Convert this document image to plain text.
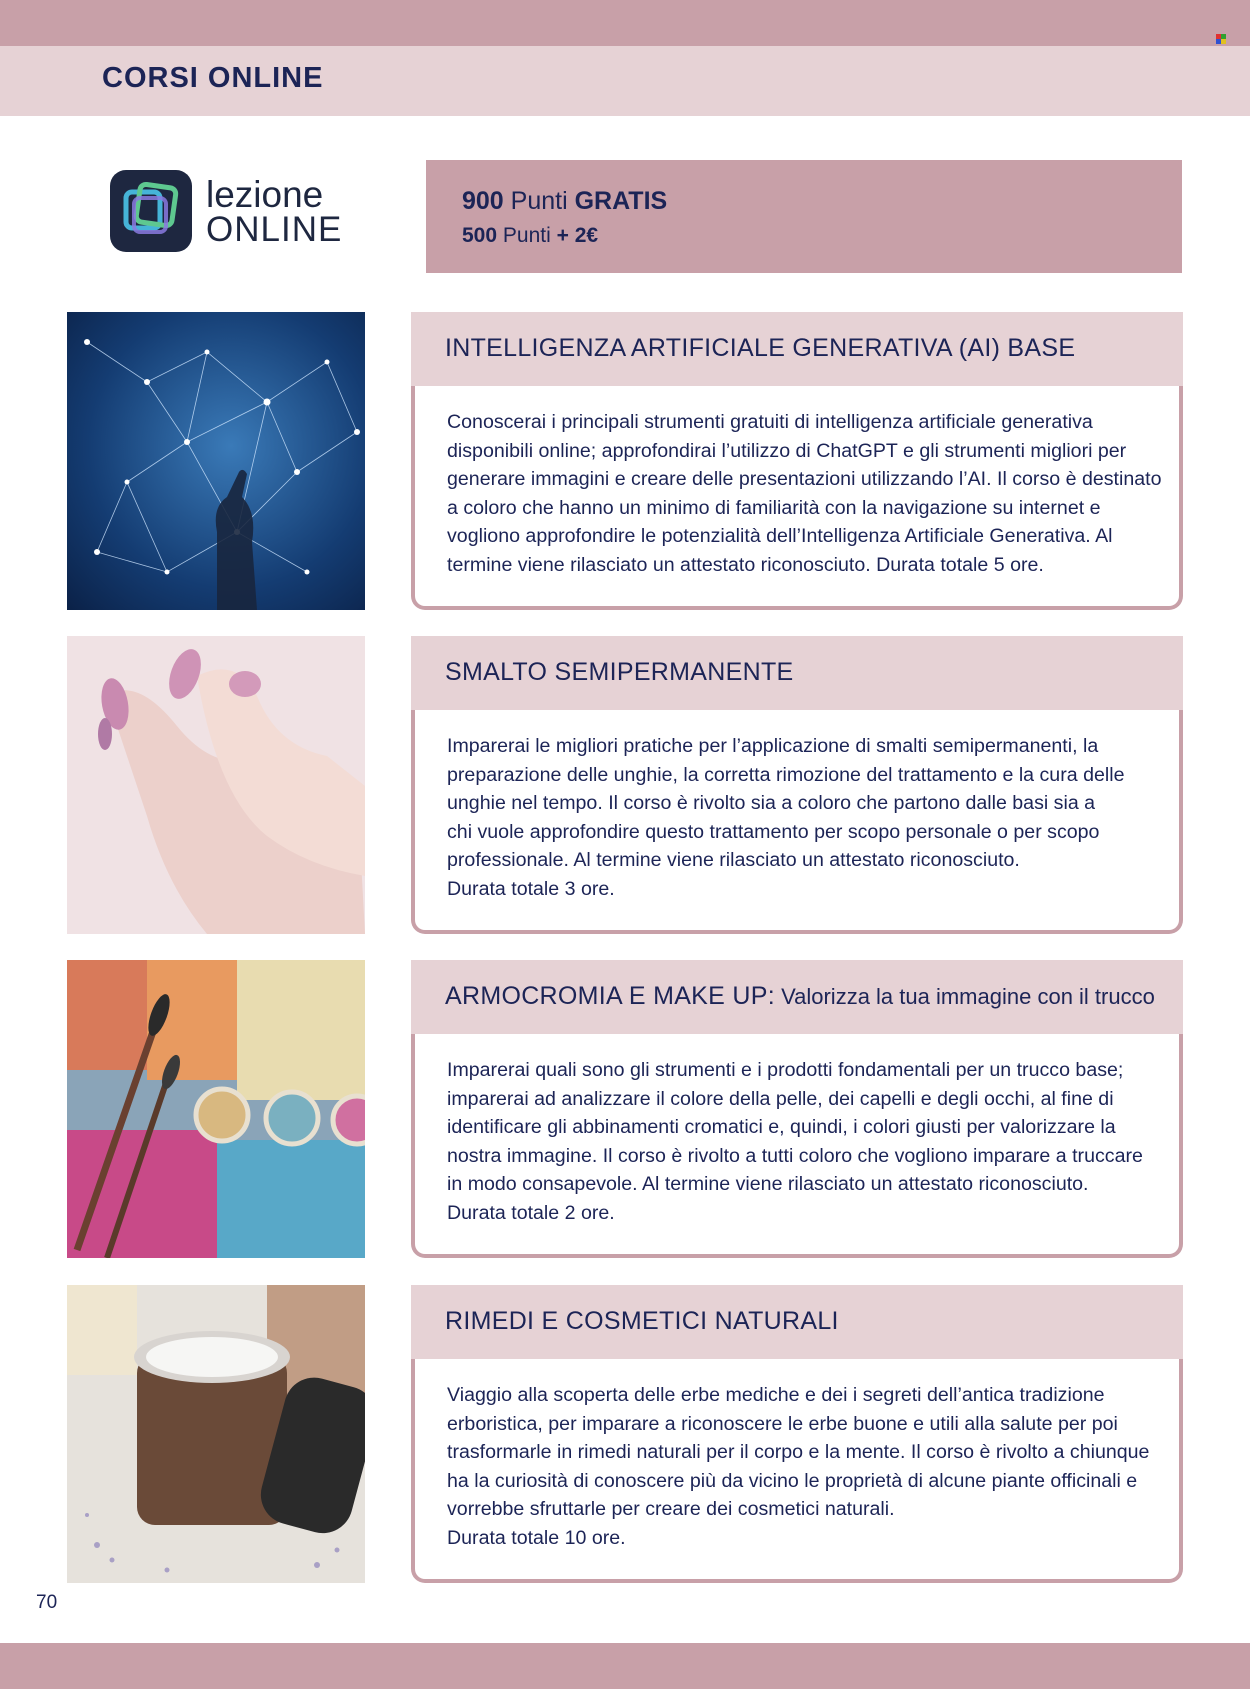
CORSI ONLINE
lezione
ONLINE
900 Punti GRATIS
500 Punti + 2€
INTELLIGENZA ARTIFICIALE GENERATIVA (AI) BASE
Conoscerai i principali strumenti gratuiti di intelligenza artificiale generativa
disponibili online; approfondirai l’utilizzo di ChatGPT e gli strumenti migliori per
generare immagini e creare delle presentazioni utilizzando l’AI. Il corso è destinato
a coloro che hanno un minimo di familiarità con la navigazione su internet e
vogliono approfondire le potenzialità dell’Intelligenza Artificiale Generativa. Al
termine viene rilasciato un attestato riconosciuto. Durata totale 5 ore.
SMALTO SEMIPERMANENTE
Imparerai le migliori pratiche per l’applicazione di smalti semipermanenti, la
preparazione delle unghie, la corretta rimozione del trattamento e la cura delle
unghie nel tempo. Il corso è rivolto sia a coloro che partono dalle basi sia a
chi vuole approfondire questo trattamento per scopo personale o per scopo
professionale. Al termine viene rilasciato un attestato riconosciuto.
Durata totale 3 ore.
ARMOCROMIA E MAKE UP: Valorizza la tua immagine con il trucco
Imparerai quali sono gli strumenti e i prodotti fondamentali per un trucco base;
imparerai ad analizzare il colore della pelle, dei capelli e degli occhi, al fine di
identificare gli abbinamenti cromatici e, quindi, i colori giusti per valorizzare la
nostra immagine. Il corso è rivolto a tutti coloro che vogliono imparare a truccare
in modo consapevole. Al termine viene rilasciato un attestato riconosciuto.
Durata totale 2 ore.
RIMEDI E COSMETICI NATURALI
Viaggio alla scoperta delle erbe mediche e dei i segreti dell’antica tradizione
erboristica, per imparare a riconoscere le erbe buone e utili alla salute per poi
trasformarle in rimedi naturali per il corpo e la mente. Il corso è rivolto a chiunque
ha la curiosità di conoscere più da vicino le proprietà di alcune piante officinali e
vorrebbe sfruttarle per creare dei cosmetici naturali.
Durata totale 10 ore.
70
